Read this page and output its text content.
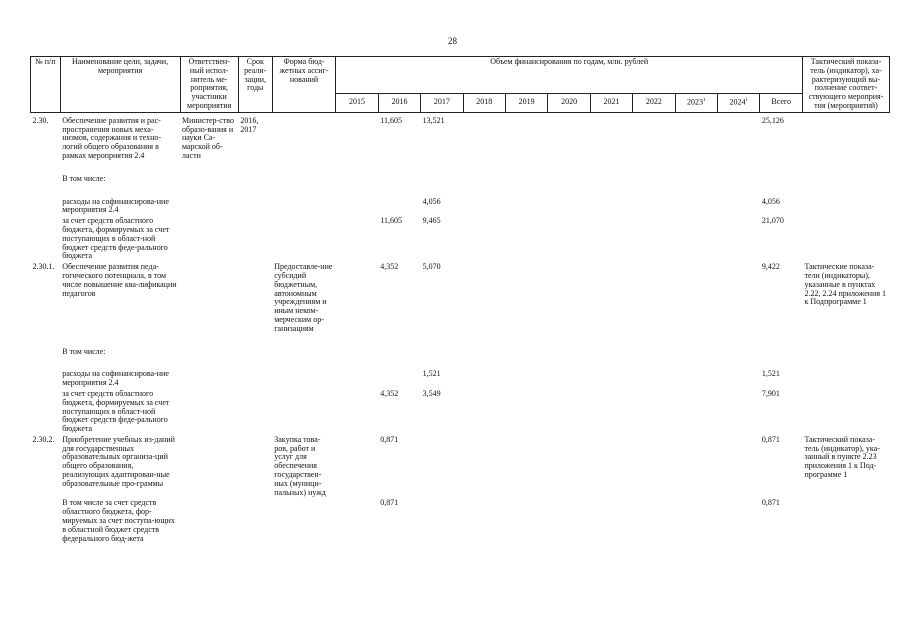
28
№ п/п	Наименование цели, задачи, мероприятия	Ответствен-ный испол-нитель ме-роприятия, участники мероприятия	Срок реали-зации, годы	Форма бюд-жетных ассиг-нований	Объем финансирования по годам, млн. рублей											Тактический показа-тель (индикатор), ха-рактеризующий вы-полнение соответ-ствующего мероприя-тия (мероприятий)
					2015	2016	2017	2018	2019	2020	2021	2022	2023$^1$	2024$^1$	Всего	
2.30.	Обеспечение развития и рас-пространения новых меха-низмов, содержания и техно-логий общего образования в рамках мероприятия 2.4	Министер-ство образо-вания и науки Са-марской об-ласти	2016, 2017			11,605	13,521								25,126	

	В том числе:															

	расходы на софинансирова-ние мероприятия 2.4						4,056								4,056	
	за счет средств областного бюджета, формируемых за счет поступающих в област-ной бюджет средств феде-рального бюджета					11,605	9,465								21,070	
2.30.1.	Обеспечение развития педа-гогического потенциала, в том числе повышение ква-лификации педагогов			Предоставле-ние субсидий бюджетным, автономным учреждениям и иным неком-мерческим ор-ганизациям		4,352	5,070								9,422	Тактические показа-тели (индикаторы), указанные в пунктах 2.22, 2.24 приложения 1 к Подпрограмме 1

	В том числе:															

	расходы на софинансирова-ние мероприятия 2.4						1,521								1,521	
	за счет средств областного бюджета, формируемых за счет поступающих в област-ной бюджет средств феде-рального бюджета					4,352	3,549								7,901	
2.30.2.	Приобретение учебных из-даний для государственных образовательных организа-ций общего образования, реализующих адаптирован-ные образовательные про-граммы			Закупка това-ров, работ и услуг для обеспечения государствен-ных (муници-пальных) нужд		0,871									0,871	Тактический показа-тель (индикатор), ука-занный в пункте 2.23 приложения 1 к Под-программе 1
	В том числе за счет средств областного бюджета, фор-мируемых за счет поступа-ющих в областной бюджет средств федерального бюд-жета					0,871									0,871	
